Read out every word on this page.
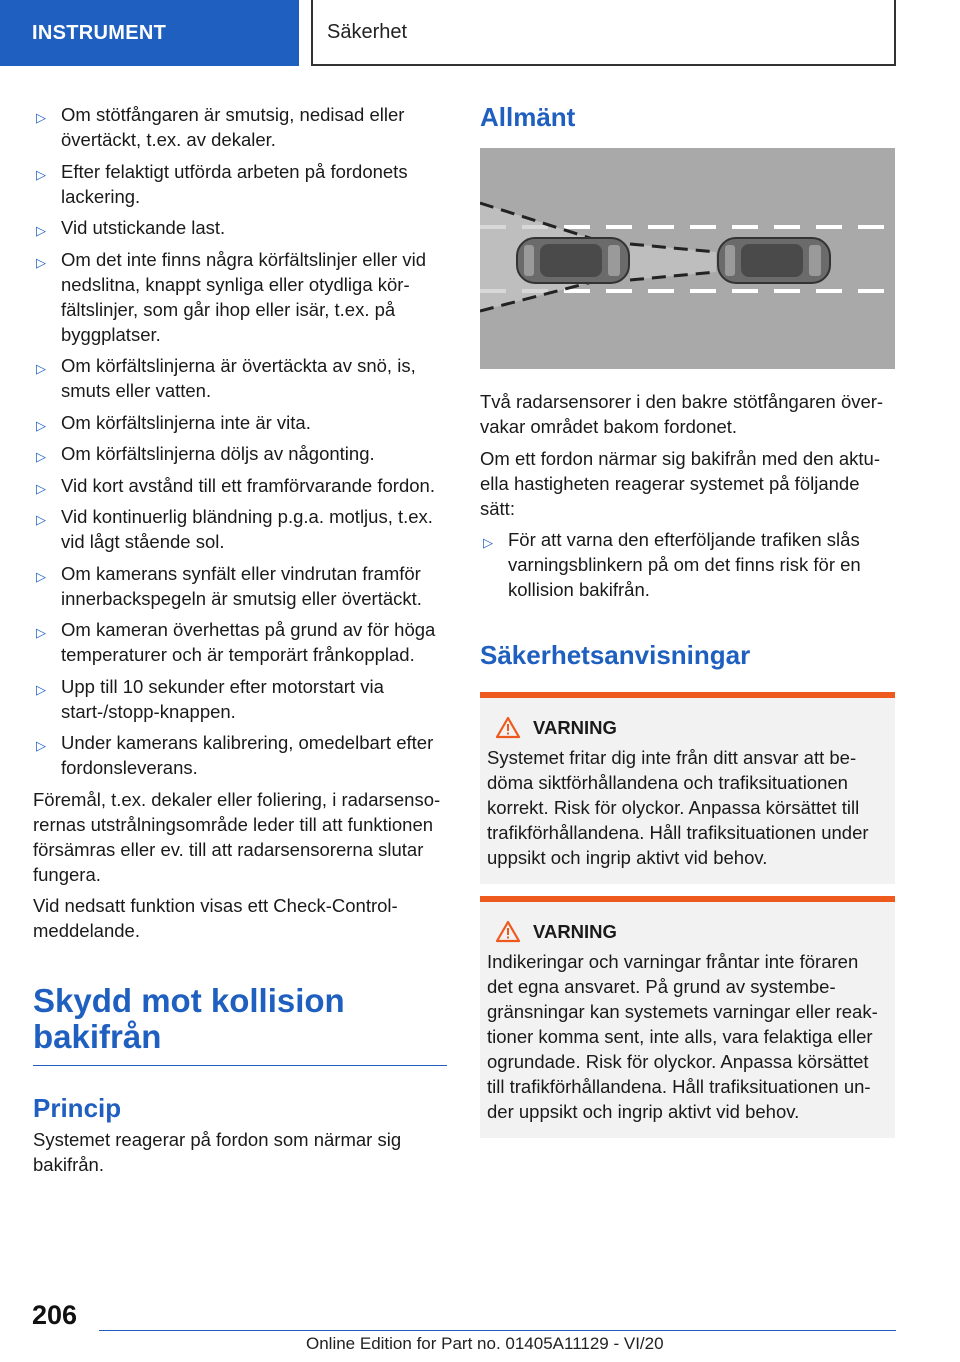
INSTRUMENT	Säkerhet
▷ Om stötfångaren är smutsig, nedisad eller övertäckt, t.ex. av dekaler.
▷ Efter felaktigt utförda arbeten på fordonets lackering.
▷ Vid utstickande last.
▷ Om det inte finns några körfältslinjer eller vid nedslitna, knappt synliga eller otydliga kör-fältslinjer, som går ihop eller isär, t.ex. på byggplatser.
▷ Om körfältslinjerna är övertäckta av snö, is, smuts eller vatten.
▷ Om körfältslinjerna inte är vita.
▷ Om körfältslinjerna döljs av någonting.
▷ Vid kort avstånd till ett framförvarande fordon.
▷ Vid kontinuerlig bländning p.g.a. motljus, t.ex. vid lågt stående sol.
▷ Om kamerans synfält eller vindrutan framför innerbackspegeln är smutsig eller övertäckt.
▷ Om kameran överhettas på grund av för höga temperaturer och är temporärt frånkopplad.
▷ Upp till 10 sekunder efter motorstart via start-/stopp-knappen.
▷ Under kamerans kalibrering, omedelbart efter fordonsleverans.

Föremål, t.ex. dekaler eller foliering, i radarsenso-rernas utstrålningsområde leder till att funktionen försämras eller ev. till att radarsensorerna slutar fungera.

Vid nedsatt funktion visas ett Check-Control-meddelande.

Skydd mot kollision bakifrån
Princip

Systemet reagerar på fordon som närmar sig bakifrån.

Allmänt

Två radarsensorer i den bakre stötfångaren över-vakar området bakom fordonet.

Om ett fordon närmar sig bakifrån med den aktu-ella hastigheten reagerar systemet på följande sätt:

▷ För att varna den efterföljande trafiken slås varningsblinkern på om det finns risk för en kollision bakifrån.
Säkerhetsanvisningar
VARNING

Systemet fritar dig inte från ditt ansvar att be-döma siktförhållandena och trafiksituationen korrekt. Risk för olyckor. Anpassa körsättet till trafikförhållandena. Håll trafiksituationen under uppsikt och ingrip aktivt vid behov.

VARNING

Indikeringar och varningar fråntar inte föraren det egna ansvaret. På grund av systembe-gränsningar kan systemets varningar eller reak-tioner komma sent, inte alls, vara felaktiga eller ogrundade. Risk för olyckor. Anpassa körsättet till trafikförhållandena. Håll trafiksituationen un-der uppsikt och ingrip aktivt vid behov.

206
Online Edition for Part no. 01405A11129 - VI/20
